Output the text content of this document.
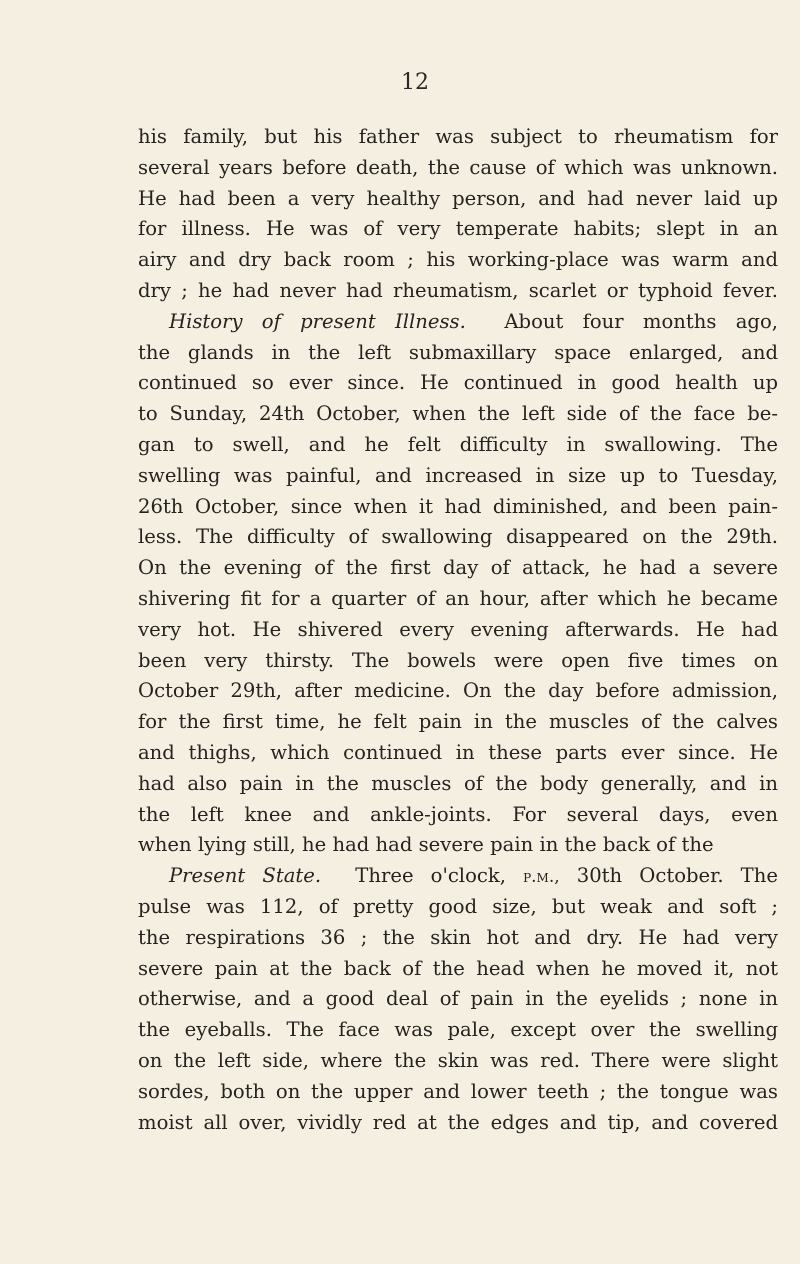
12
his family, but his father was subject to rheumatism for
several years before death, the cause of which was unknown.
He had been a very healthy person, and had never laid up
for illness. He was of very temperate habits; slept in an
airy and dry back room ; his working-place was warm and
dry ; he had never had rheumatism, scarlet or typhoid fever.
History of present Illness. About four months ago,
the glands in the left submaxillary space enlarged, and
continued so ever since. He continued in good health up
to Sunday, 24th October, when the left side of the face be-
gan to swell, and he felt difficulty in swallowing. The
swelling was painful, and increased in size up to Tuesday,
26th October, since when it had diminished, and been pain-
less. The difficulty of swallowing disappeared on the 29th.
On the evening of the first day of attack, he had a severe
shivering fit for a quarter of an hour, after which he became
very hot. He shivered every evening afterwards. He had
been very thirsty. The bowels were open five times on
October 29th, after medicine. On the day before admission,
for the first time, he felt pain in the muscles of the calves
and thighs, which continued in these parts ever since. He
had also pain in the muscles of the body generally, and in
the left knee and ankle-joints. For several days, even
when lying still, he had had severe pain in the back of the
Present State. Three o'clock, p.m., 30th October. The
pulse was 112, of pretty good size, but weak and soft ;
the respirations 36 ; the skin hot and dry. He had very
severe pain at the back of the head when he moved it, not
otherwise, and a good deal of pain in the eyelids ; none in
the eyeballs. The face was pale, except over the swelling
on the left side, where the skin was red. There were slight
sordes, both on the upper and lower teeth ; the tongue was
moist all over, vividly red at the edges and tip, and covered
